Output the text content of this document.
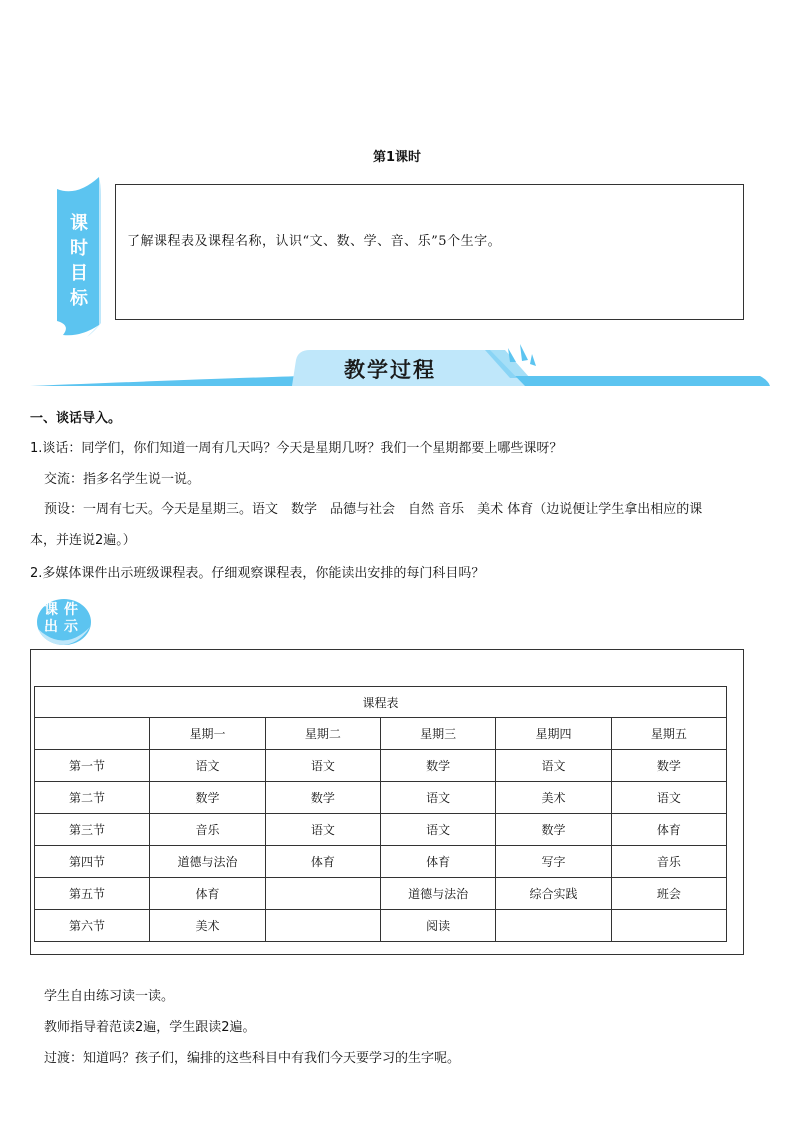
第1课时
课
时
目
标
了解课程表及课程名称，认识“文、数、学、音、乐”5个生字。
教学过程
一、谈话导入。
1.谈话：同学们，你们知道一周有几天吗？今天是星期几呀？我们一个星期都要上哪些课呀？
交流：指多名学生说一说。
预设：一周有七天。今天是星期三。语文　数学　品德与社会　自然 音乐　美术 体育（边说便让学生拿出相应的课
本，并连说2遍。）
2.多媒体课件出示班级课程表。仔细观察课程表，你能读出安排的每门科目吗？
课件
出示
课程表					
	星期一	星期二	星期三	星期四	星期五
第一节	语文	语文	数学	语文	数学
第二节	数学	数学	语文	美术	语文
第三节	音乐	语文	语文	数学	体育
第四节	道德与法治	体育	体育	写字	音乐
第五节	体育		道德与法治	综合实践	班会
第六节	美术		阅读		
学生自由练习读一读。
教师指导着范读2遍，学生跟读2遍。
过渡：知道吗？孩子们，编排的这些科目中有我们今天要学习的生字呢。
